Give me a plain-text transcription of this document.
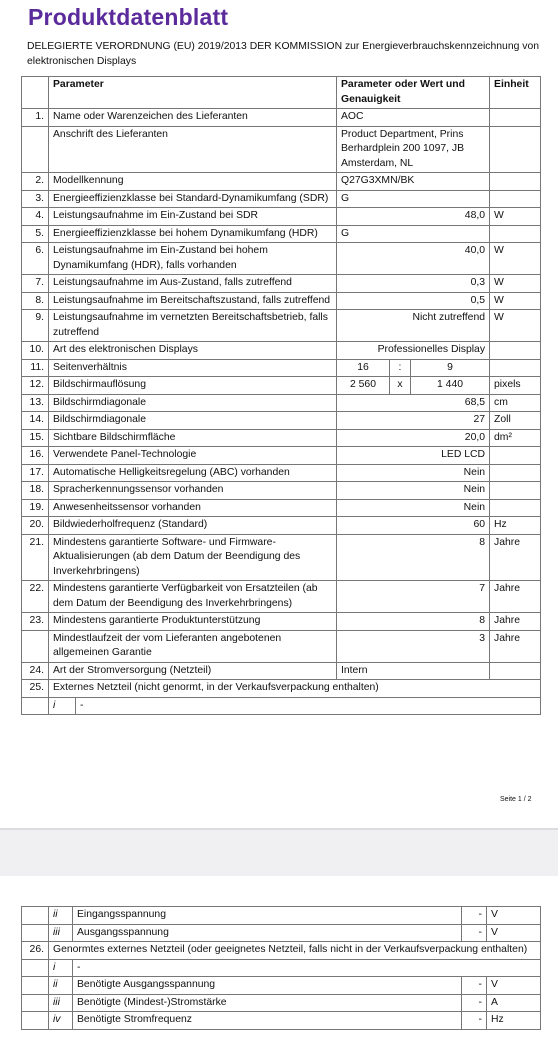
Produktdatenblatt
DELEGIERTE VERORDNUNG (EU) 2019/2013 DER KOMMISSION zur Energieverbrauchskennzeichnung von elektronischen Displays
	Parameter	Parameter oder Wert und Genauigkeit			Einheit
1.	Name oder Warenzeichen des Lieferanten	AOC			
	Anschrift des Lieferanten	Product Department, Prins Berhardplein 200 1097, JB Amsterdam, NL			
2.	Modellkennung	Q27G3XMN/BK			
3.	Energieeffizienzklasse bei Standard-Dynamikumfang (SDR)	G			
4.	Leistungsaufnahme im Ein-Zustand bei SDR	48,0			W
5.	Energieeffizienzklasse bei hohem Dynamikumfang (HDR)	G			
6.	Leistungsaufnahme im Ein-Zustand bei hohem Dynamikumfang (HDR), falls vorhanden	40,0			W
7.	Leistungsaufnahme im Aus-Zustand, falls zutreffend	0,3			W
8.	Leistungsaufnahme im Bereitschaftszustand, falls zutreffend	0,5			W
9.	Leistungsaufnahme im vernetzten Bereitschaftsbetrieb, falls zutreffend	Nicht zutreffend			W
10.	Art des elektronischen Displays	Professionelles Display			
11.	Seitenverhältnis	16	:	9	
12.	Bildschirmauflösung	2 560	x	1 440	pixels
13.	Bildschirmdiagonale	68,5			cm
14.	Bildschirmdiagonale	27			Zoll
15.	Sichtbare Bildschirmfläche	20,0			dm²
16.	Verwendete Panel-Technologie	LED LCD			
17.	Automatische Helligkeitsregelung (ABC) vorhanden	Nein			
18.	Spracherkennungssensor vorhanden	Nein			
19.	Anwesenheitssensor vorhanden	Nein			
20.	Bildwiederholfrequenz (Standard)	60			Hz
21.	Mindestens garantierte Software- und Firmware-Aktualisierungen (ab dem Datum der Beendigung des Inverkehrbringens)	8			Jahre
22.	Mindestens garantierte Verfügbarkeit von Ersatzteilen (ab dem Datum der Beendigung des Inverkehrbringens)	7			Jahre
23.	Mindestens garantierte Produktunterstützung	8			Jahre
	Mindestlaufzeit der vom Lieferanten angebotenen allgemeinen Garantie	3			Jahre
24.	Art der Stromversorgung (Netzteil)	Intern			
25.	Externes Netzteil (nicht genormt, in der Verkaufsverpackung enthalten)				

	i -				
Seite 1 / 2
	ii	Eingangsspannung	-	V
	iii	Ausgangsspannung	-	V
26.	Genormtes externes Netzteil (oder geeignetes Netzteil, falls nicht in der Verkaufsverpackung enthalten)			
	i	-		
	ii	Benötigte Ausgangsspannung	-	V
	iii	Benötigte (Mindest-)Stromstärke	-	A
	iv	Benötigte Stromfrequenz	-	Hz
